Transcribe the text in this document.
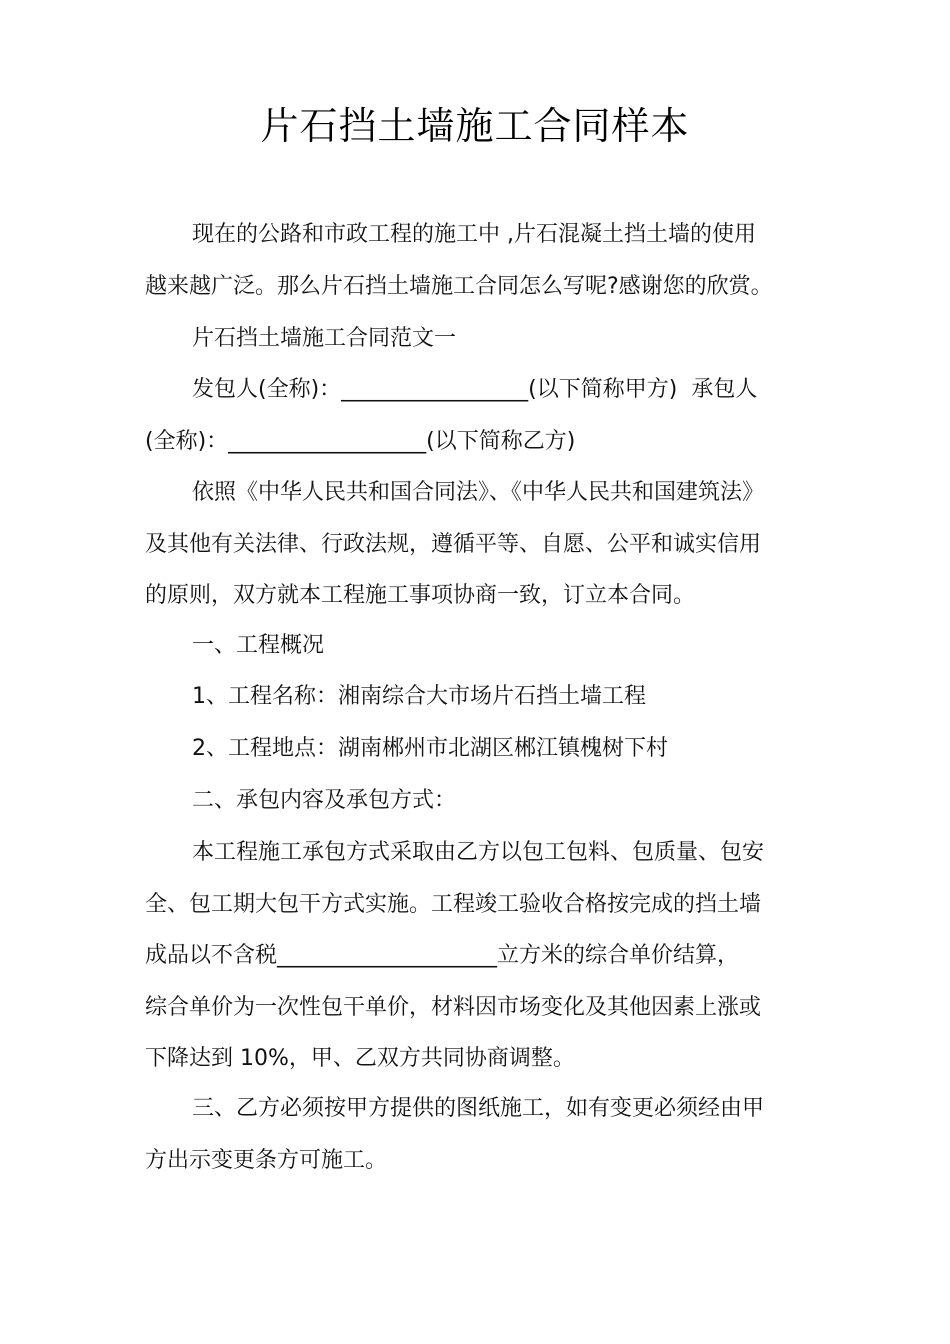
片石挡土墙施工合同样本

现在的公路和市政工程的施工中 ,片石混凝土挡土墙的使用
越来越广泛。那么片石挡土墙施工合同怎么写呢?感谢您的欣赏。

片石挡土墙施工合同范文一

发包人(全称)：_________________(以下简称甲方)  承包人
(全称)：__________________(以下简称乙方)

依照《中华人民共和国合同法》、《中华人民共和国建筑法》
及其他有关法律、行政法规，遵循平等、自愿、公平和诚实信用
的原则，双方就本工程施工事项协商一致，订立本合同。

一、工程概况

1、工程名称：湘南综合大市场片石挡土墙工程

2、工程地点：湖南郴州市北湖区郴江镇槐树下村

二、承包内容及承包方式：

本工程施工承包方式采取由乙方以包工包料、包质量、包安
全、包工期大包干方式实施。工程竣工验收合格按完成的挡土墙
成品以不含税____________________立方米的综合单价结算，
综合单价为一次性包干单价，材料因市场变化及其他因素上涨或
下降达到 10%，甲、乙双方共同协商调整。

三、乙方必须按甲方提供的图纸施工，如有变更必须经由甲
方出示变更条方可施工。
